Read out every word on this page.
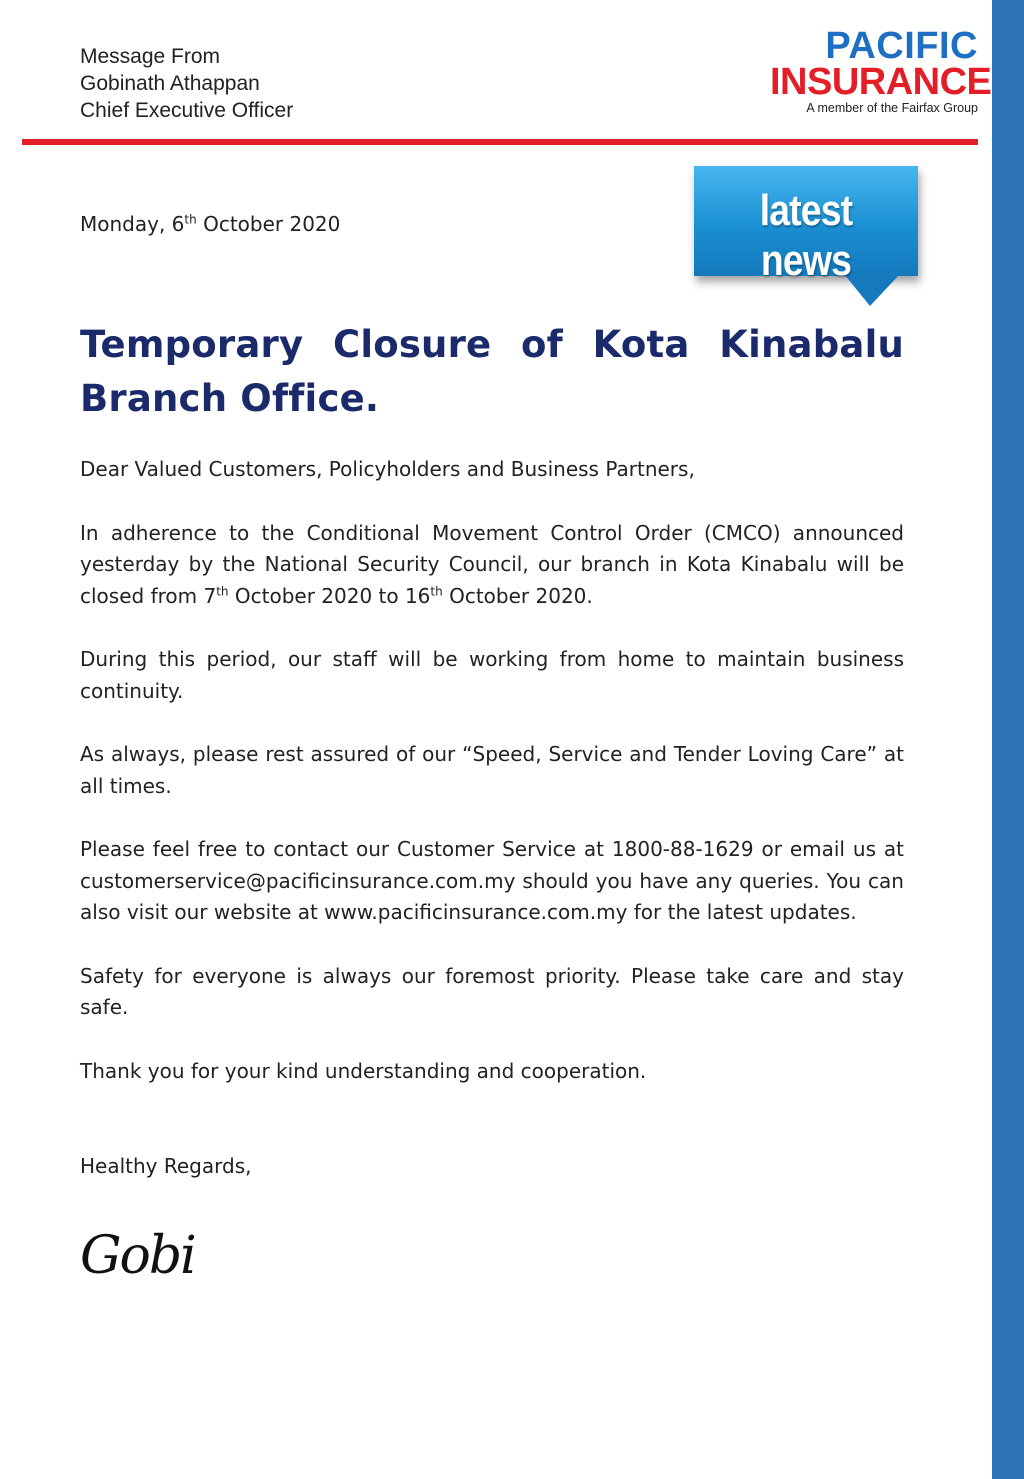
Message From
Gobinath Athappan
Chief Executive Officer
PACIFIC
INSURANCE
A member of the Fairfax Group
latest news
Monday, 6th October 2020
Temporary Closure of Kota Kinabalu Branch Office.

Dear Valued Customers, Policyholders and Business Partners,

In adherence to the Conditional Movement Control Order (CMCO) announced yesterday by the National Security Council, our branch in Kota Kinabalu will be closed from 7th October 2020 to 16th October 2020.

During this period, our staff will be working from home to maintain business continuity.

As always, please rest assured of our “Speed, Service and Tender Loving Care” at all times.

Please feel free to contact our Customer Service at 1800-88-1629 or email us at customerservice@pacificinsurance.com.my should you have any queries. You can also visit our website at www.pacificinsurance.com.my for the latest updates.

Safety for everyone is always our foremost priority. Please take care and stay safe.

Thank you for your kind understanding and cooperation.

Healthy Regards,

Gobi
